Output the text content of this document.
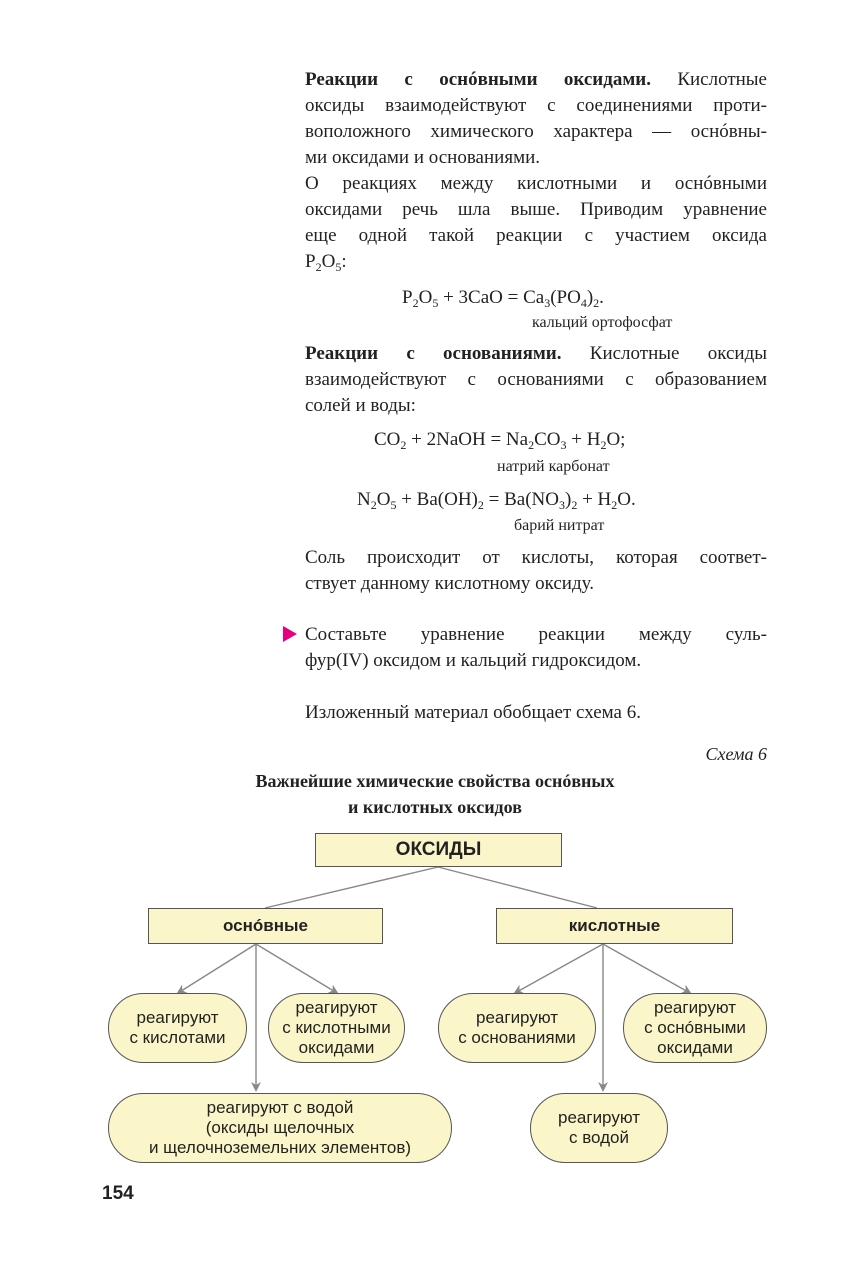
Реакции с оснóвными оксидами. Кислотные
оксиды взаимодействуют с соединениями проти-
воположного химического характера — оснóвны-
ми оксидами и основаниями.
О реакциях между кислотными и оснóвными
оксидами речь шла выше. Приводим уравнение
еще одной такой реакции с участием оксида
$P_2O_5$:
$P_2O_5 + 3CaO = Ca_3(PO_4)_2$.
кальций ортофосфат
Реакции с основаниями. Кислотные оксиды
взаимодействуют с основаниями с образованием
солей и воды:
$CO_2$ + 2NaOH = $Na_2CO_3 + H_2O$;
натрий карбонат
$N_2O_5 + Ba(OH)_2 = Ba(NO_3)_2 + H_2O$.
барий нитрат
Соль происходит от кислоты, которая соответ-
ствует данному кислотному оксиду.
Составьте уравнение реакции между суль-
фур(IV) оксидом и кальций гидроксидом.
Изложенный материал обобщает схема 6.
Схема 6
Важнейшие химические свойства оснóвных
и кислотных оксидов
ОКСИДЫ
оснóвные	кислотные
реагируют
с кислотами
реагируют
с кислотными
оксидами
реагируют с водой
(оксиды щелочных
и щелочноземельних элементов)
реагируют
с основаниями
реагируют
с оснóвными
оксидами
реагируют
с водой
154
